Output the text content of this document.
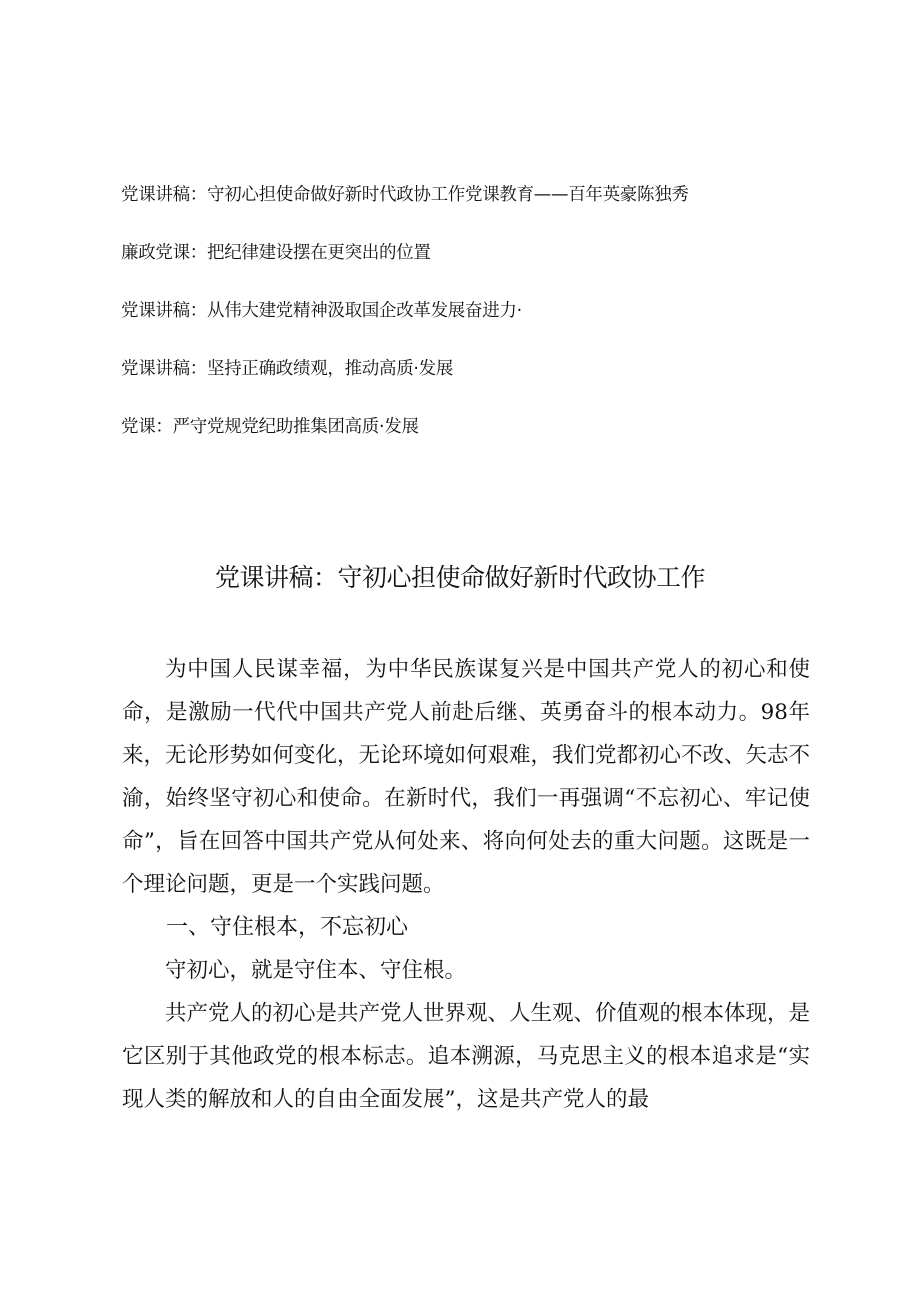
党课讲稿：守初心担使命做好新时代政协工作党课教育——百年英豪陈独秀
廉政党课：把纪律建设摆在更突出的位置
党课讲稿：从伟大建党精神汲取国企改革发展奋进力·
党课讲稿：坚持正确政绩观，推动高质·发展
党课：严守党规党纪助推集团高质·发展
党课讲稿：守初心担使命做好新时代政协工作

为中国人民谋幸福，为中华民族谋复兴是中国共产党人的初心和使命，是激励一代代中国共产党人前赴后继、英勇奋斗的根本动力。98年来，无论形势如何变化，无论环境如何艰难，我们党都初心不改、矢志不渝，始终坚守初心和使命。在新时代，我们一再强调“不忘初心、牢记使命”，旨在回答中国共产党从何处来、将向何处去的重大问题。这既是一个理论问题，更是一个实践问题。

一、守住根本，不忘初心

守初心，就是守住本、守住根。

共产党人的初心是共产党人世界观、人生观、价值观的根本体现，是它区别于其他政党的根本标志。追本溯源，马克思主义的根本追求是“实现人类的解放和人的自由全面发展”，这是共产党人的最
